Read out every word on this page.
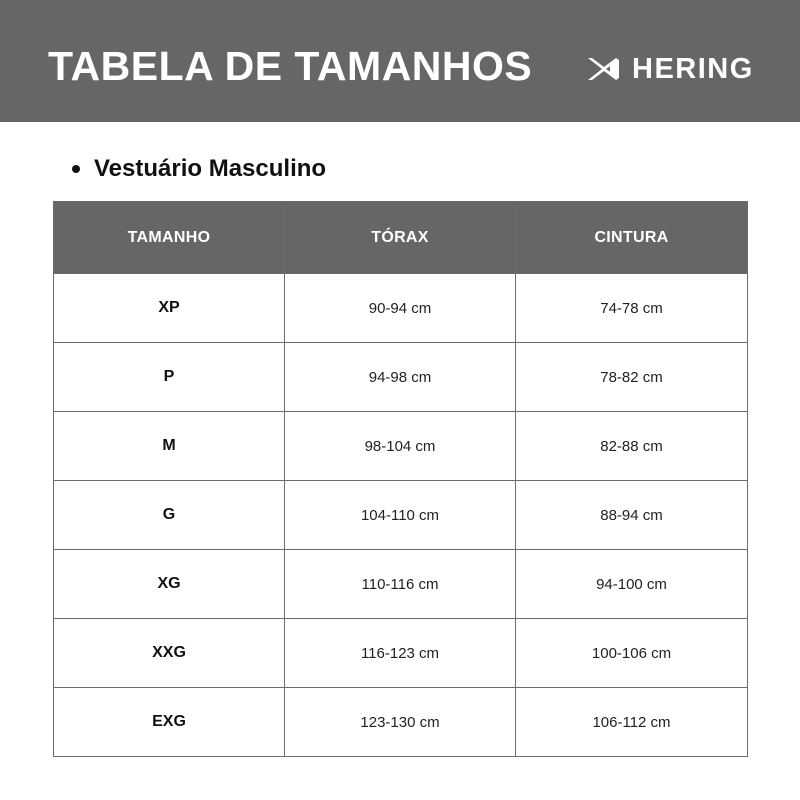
TABELA DE TAMANHOS	HERING
Vestuário Masculino
TAMANHO	TÓRAX	CINTURA
XP	90-94 cm	74-78 cm
P	94-98 cm	78-82 cm
M	98-104 cm	82-88 cm
G	104-110 cm	88-94 cm
XG	110-116 cm	94-100 cm
XXG	116-123 cm	100-106 cm
EXG	123-130 cm	106-112 cm
